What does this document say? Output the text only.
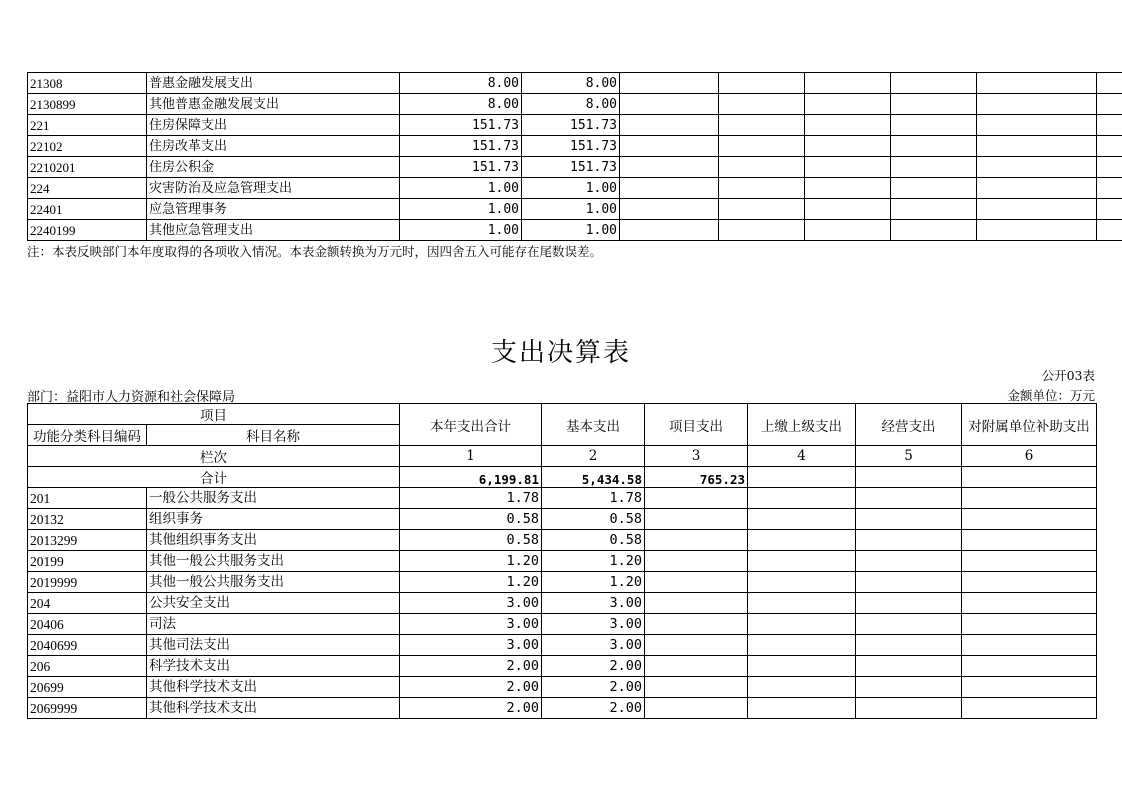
21308	普惠金融发展支出	8.00	8.00						
2130899	其他普惠金融发展支出	8.00	8.00						
221	住房保障支出	151.73	151.73						
22102	住房改革支出	151.73	151.73						
2210201	住房公积金	151.73	151.73						
224	灾害防治及应急管理支出	1.00	1.00						
22401	应急管理事务	1.00	1.00						
2240199	其他应急管理支出	1.00	1.00						
注：本表反映部门本年度取得的各项收入情况。本表金额转换为万元时，因四舍五入可能存在尾数误差。
支出决算表
公开03表
部门：益阳市人力资源和社会保障局	金额单位：万元
项目		本年支出合计	基本支出	项目支出	上缴上级支出	经营支出	对附属单位补助支出
功能分类科目编码	科目名称						
栏次		1	2	3	4	5	6
合计		6,199.81	5,434.58	765.23			
201	一般公共服务支出	1.78	1.78				
20132	组织事务	0.58	0.58				
2013299	其他组织事务支出	0.58	0.58				
20199	其他一般公共服务支出	1.20	1.20				
2019999	其他一般公共服务支出	1.20	1.20				
204	公共安全支出	3.00	3.00				
20406	司法	3.00	3.00				
2040699	其他司法支出	3.00	3.00				
206	科学技术支出	2.00	2.00				
20699	其他科学技术支出	2.00	2.00				
2069999	其他科学技术支出	2.00	2.00				
